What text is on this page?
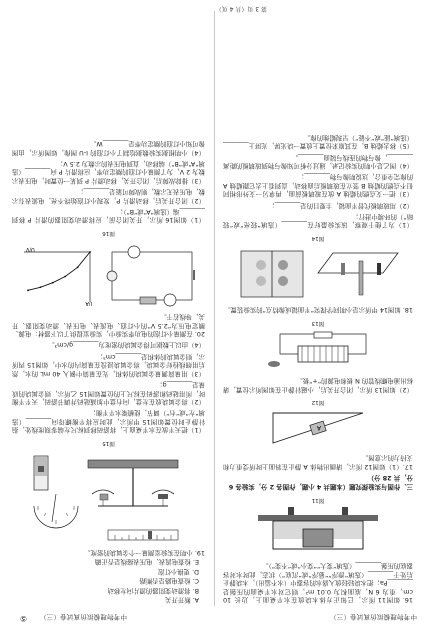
中考物理模拟仿真试卷（三）
中考物理模拟仿真试卷（三）
⑤

16. 如图11 所示，已知正方体木块放在水平桌面上，边长 10 cm，重为 6 N，底面积为 0.01 m²，则它对水平桌面的压强是________Pa；把木块轻轻放入盛水的容器中（水不溢出），木块静止后处于________（选填“漂浮”“悬浮”或“沉底”）状态，此时水对容器底的压强________（选填“变大”“变小”或“不变”）。

图11
三、作图与实验探究题（本题共 4 小题，作图各 2 分，实验各 6 分，共 28 分）

17.（1）如图12 所示，请画出物体 A 静止在斜面上时所受重力和支持力的示意图。

A
图12

（2）如图13 所示，闭合开关后，小磁针静止在如图所示位置，请标出通电螺线管的 N 极和电源的“+”极。

图13

18. 如图14 甲所示是小明同学探究“平面镜成像特点”的实验装置。

图14

（1）为了便于观察，该实验最好在________（选填“较亮”或“较暗”）的环境中进行；

（2）用玻璃板代替平面镜，主要目的是________；

（3）把一支点燃的蜡烛 A 放在玻璃板前面，再拿另一支外形相同但不点燃的蜡烛 B 竖立在玻璃板后面移动，直到看上去它跟蜡烛 A 的像完全重合，这说明像与物________；

（4）图乙是小明的实验记录，通过分析可知像与物到玻璃板的距离________，像与物的连线与镜面________。

（5）移去蜡烛 B，在其原来位置上放置一块光屏，光屏上________（选填“能”或“不能”）呈现蜡烛的像。

A. 断开开关
B. 将滑动变阻器的滑片向左移动
C. 检查电路是否断路
D. 更换小灯泡
E. 检查电流表、电压表接线是否正确

19. 小明在实验室测量一个金属块的密度。

图15

（1）把天平放在水平桌面上，将游码移到标尺左端零刻度线处，指针静止时位置如图15 甲所示，此时应将平衡螺母向________（选填“左”或“右”）调节，使横梁水平平衡；

（2）将金属块放在左盘，向右盘中加减砝码并调节游码，天平平衡时，所用砝码和游码在标尺上的位置如图15 乙所示，则金属块的质量是________g；

（3）用量筒测量金属块的体积，先在量筒中倒入 40 mL 的水，然后用细线拴好金属块，将金属块浸没在量筒内的水中，如图15 丙所示，则金属块的体积是________cm³；

（4）由以上数据可得金属块的密度为________g/cm³。

20. 在测量小灯泡的电功率实验中，实验室提供了以下器材：电源、额定电压为“2.5 V”的小灯泡、电流表、电压表、滑动变阻器、开关、导线若干。

U/V
I/A
图16

（1）如图16 所示，开关闭合前，应将滑动变阻器的滑片 P 移到________端（选填“A”或“B”）；

（2）闭合开关后，移动滑片 P，发现小灯泡始终不亮，电流表有示数，电压表无示数，则故障可能是________；

（3）排除故障后，闭合开关，移动滑片 P 到某一位置时，电压表示数为 2 V，为了测量小灯泡的额定功率，应将滑片 P 向________（选填“A”或“B”）端移动，直到电压表的示数为 2.5 V；

（4）小明根据实验数据绘制了小灯泡的 I-U 图像，如图所示，由图像可知小灯泡的额定功率是________W。

第 3 页（共 4 页）
